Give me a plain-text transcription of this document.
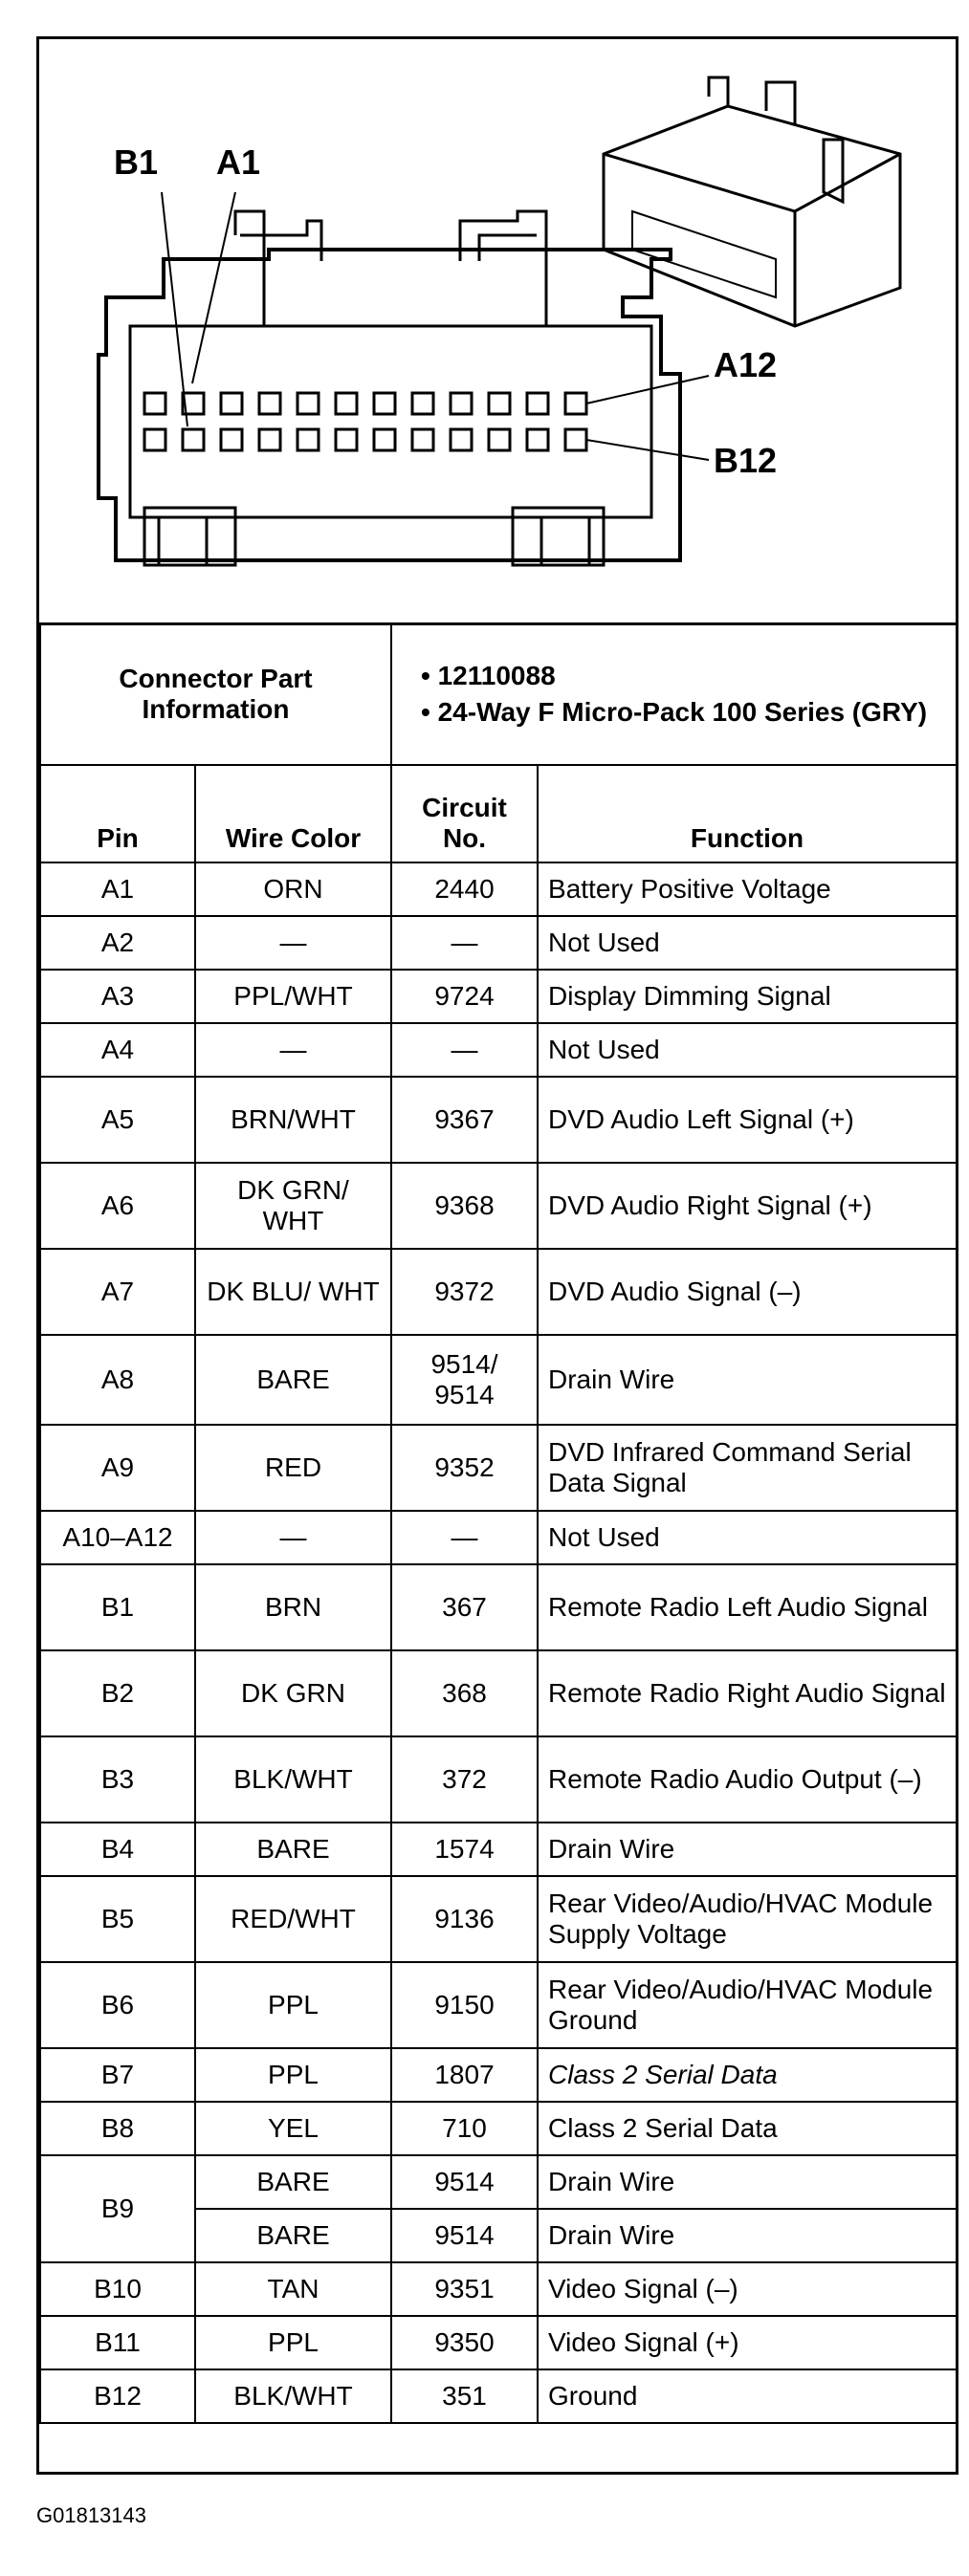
B1 A1
A12
B12
Connector Part Information		• 12110088
• 24-Way F Micro-Pack 100 Series (GRY)	

Pin	Wire Color	Circuit No.	Function
A1	ORN	2440	Battery Positive Voltage
A2	—	—	Not Used
A3	PPL/WHT	9724	Display Dimming Signal
A4	—	—	Not Used
A5	BRN/WHT	9367	DVD Audio Left Signal (+)
A6	DK GRN/ WHT	9368	DVD Audio Right Signal (+)
A7	DK BLU/ WHT	9372	DVD Audio Signal (–)
A8	BARE	9514/ 9514	Drain Wire
A9	RED	9352	DVD Infrared Command Serial Data Signal
A10–A12	—	—	Not Used
B1	BRN	367	Remote Radio Left Audio Signal
B2	DK GRN	368	Remote Radio Right Audio Signal
B3	BLK/WHT	372	Remote Radio Audio Output (–)
B4	BARE	1574	Drain Wire
B5	RED/WHT	9136	Rear Video/Audio/HVAC Module Supply Voltage
B6	PPL	9150	Rear Video/Audio/HVAC Module Ground
B7	PPL	1807	Class 2 Serial Data
B8	YEL	710	Class 2 Serial Data
B9	BARE	9514	Drain Wire
	BARE	9514	Drain Wire
B10	TAN	9351	Video Signal (–)
B11	PPL	9350	Video Signal (+)
B12	BLK/WHT	351	Ground
G01813143
